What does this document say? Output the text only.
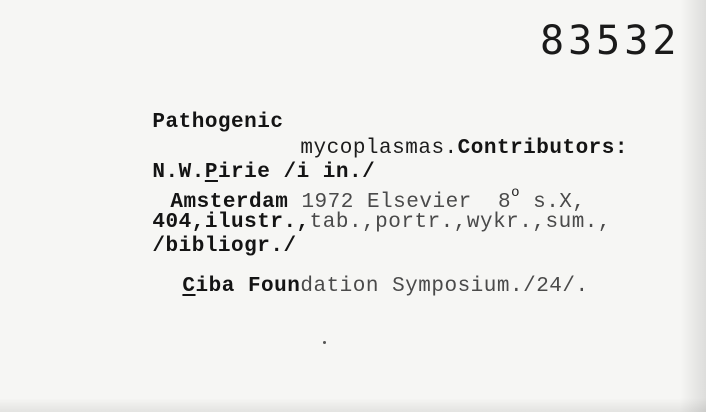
83532

Pathogenic

mycoplasmas.Contributors:

N.W.Pirie /i in./

Amsterdam 1972 Elsevier  8$^o$ s.X,

404,ilustr.,tab.,portr.,wykr.,sum.,

/bibliogr./

Ciba Foundation Symposium./24/.
